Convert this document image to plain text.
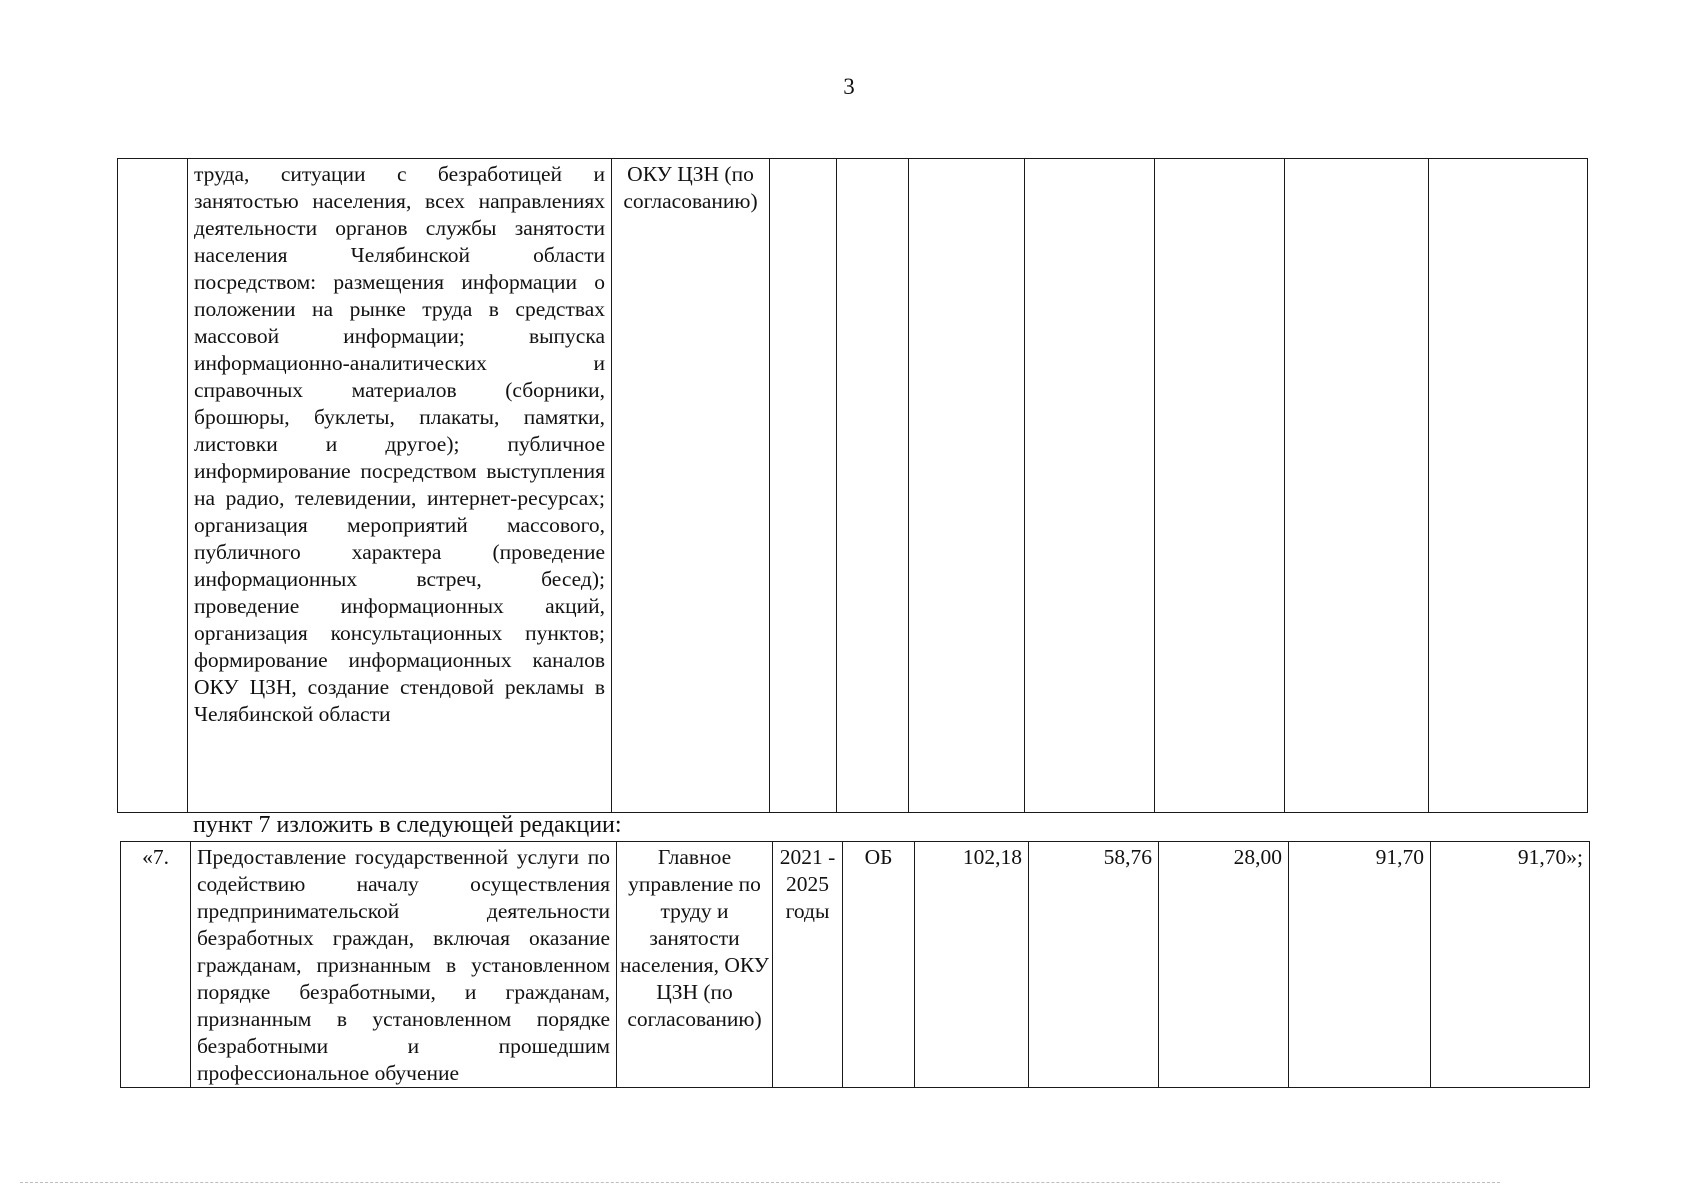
3
	труда, ситуации с безработицей и занятостью населения, всех направлениях деятельности органов службы занятости населения Челябинской области посредством: размещения информации о положении на рынке труда в средствах массовой информации; выпуска информационно-аналитических и справочных материалов (сборники, брошюры, буклеты, плакаты, памятки, листовки и другое); публичное информирование посредством выступления на радио, телевидении, интернет-ресурсах; организация мероприятий массового, публичного характера (проведение информационных встреч, бесед); проведение информационных акций, организация консультационных пунктов; формирование информационных каналов ОКУ ЦЗН, создание стендовой рекламы в Челябинской области	ОКУ ЦЗН (по согласованию)							
пункт 7 изложить в следующей редакции:
«7.	Предоставление государственной услуги по содействию началу осуществления предпринимательской деятельности безработных граждан, включая оказание гражданам, признанным в установленном порядке безработными, и гражданам, признанным в установленном порядке безработными и прошедшим профессиональное обучение	Главное управление по труду и занятости населения, ОКУ ЦЗН (по согласованию)	2021 - 2025 годы	ОБ	102,18	58,76	28,00	91,70	91,70»;
